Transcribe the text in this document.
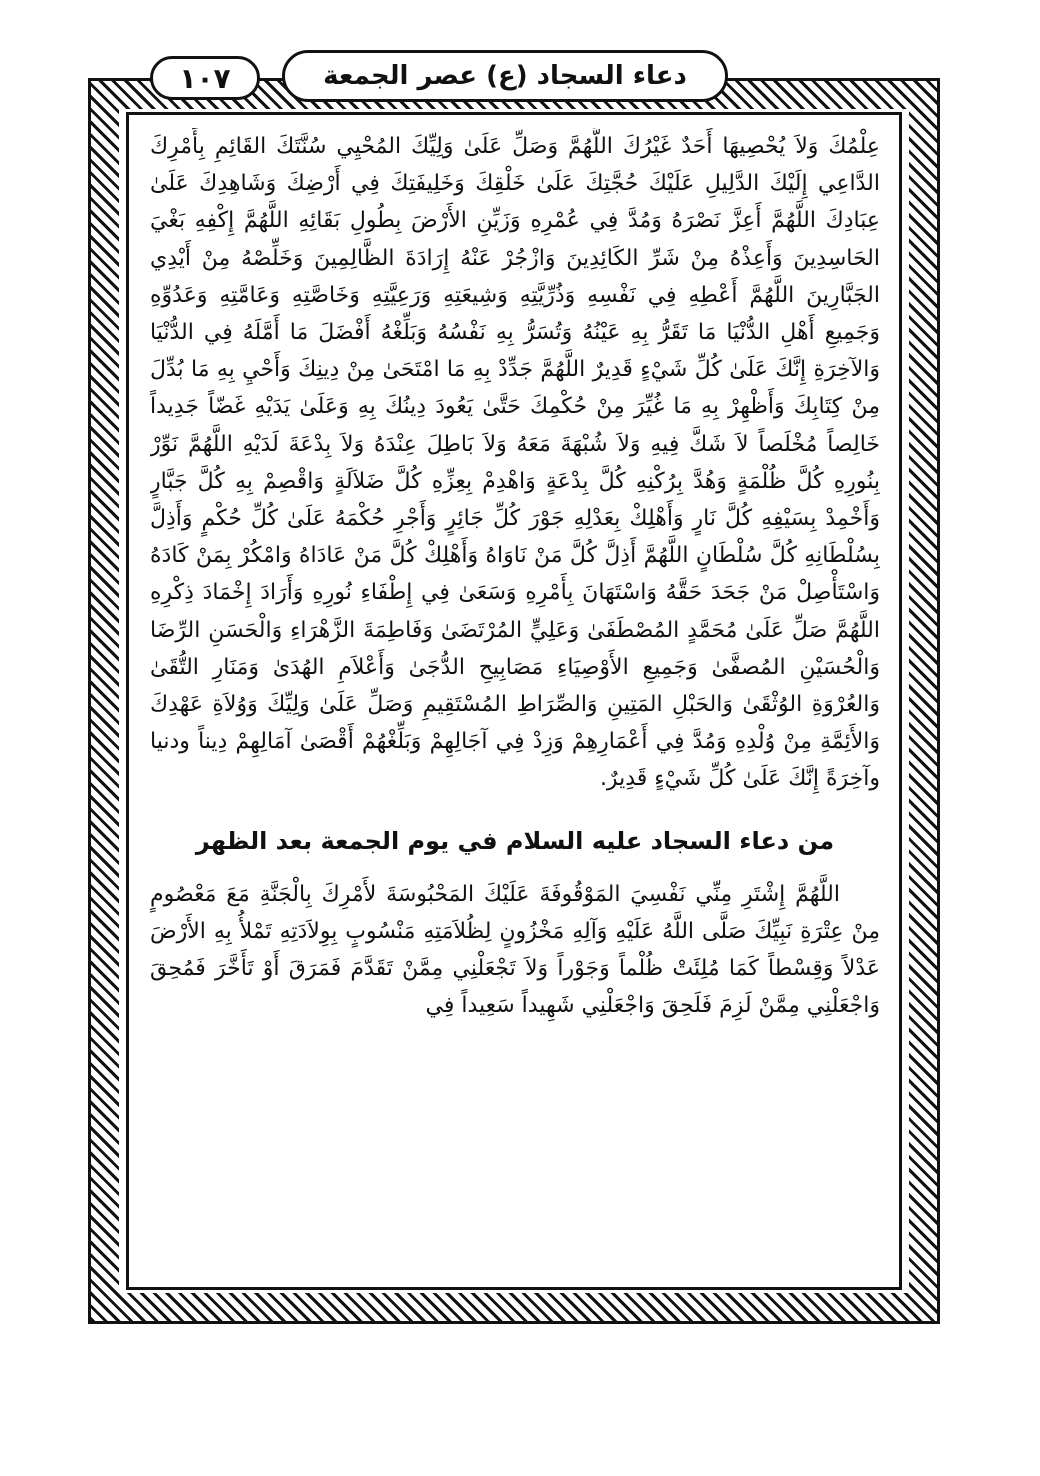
دعاء السجاد (ع) عصر الجمعة
١٠٧

عِلْمُكَ وَلاَ يُحْصِيهَا أَحَدٌ غَيْرُكَ اللَّهُمَّ وَصَلِّ عَلَىٰ وَلِيِّكَ المُحْيِي سُنَّتَكَ القَائِمِ بِأَمْرِكَ الدَّاعِي إِلَيْكَ الدَّلِيلِ عَلَيْكَ حُجَّتِكَ عَلَىٰ خَلْقِكَ وَخَلِيفَتِكَ فِي أَرْضِكَ وَشَاهِدِكَ عَلَىٰ عِبَادِكَ اللَّهُمَّ أَعِزَّ نَصْرَهُ وَمُدَّ فِي عُمْرِهِ وَزَيِّنِ الأَرْضَ بِطُولِ بَقَائِهِ اللَّهُمَّ إِكْفِهِ بَغْيَ الحَاسِدِينَ وَأَعِذْهُ مِنْ شَرِّ الكَائِدِينَ وَازْجُرْ عَنْهُ إِرَادَةَ الظَّالِمِينَ وَخَلِّصْهُ مِنْ أَيْدِي الجَبَّارِينَ اللَّهُمَّ أَعْطِهِ فِي نَفْسِهِ وَذُرِّيَّتِهِ وَشِيعَتِهِ وَرَعِيَّتِهِ وَخَاصَّتِهِ وَعَامَّتِهِ وَعَدُوِّهِ وَجَمِيعِ أَهْلِ الدُّنْيَا مَا تَقَرُّ بِهِ عَيْنُهُ وَتُسَرُّ بِهِ نَفْسُهُ وَبَلِّغْهُ أَفْضَلَ مَا أَمَّلَهُ فِي الدُّنْيَا وَالآخِرَةِ إِنَّكَ عَلَىٰ كُلِّ شَيْءٍ قَدِيرٌ اللَّهُمَّ جَدِّدْ بِهِ مَا امْتَحَىٰ مِنْ دِينِكَ وَأَحْيِ بِهِ مَا بُدِّلَ مِنْ كِتَابِكَ وَأَظْهِرْ بِهِ مَا غُيِّرَ مِنْ حُكْمِكَ حَتَّىٰ يَعُودَ دِينُكَ بِهِ وَعَلَىٰ يَدَيْهِ غَضّاً جَدِيداً خَالِصاً مُخْلَصاً لاَ شَكَّ فِيهِ وَلاَ شُبْهَةَ مَعَهُ وَلاَ بَاطِلَ عِنْدَهُ وَلاَ بِدْعَةَ لَدَيْهِ اللَّهُمَّ نَوِّرْ بِنُورِهِ كُلَّ ظُلْمَةٍ وَهُدَّ بِرُكْنِهِ كُلَّ بِدْعَةٍ وَاهْدِمْ بِعِزِّهِ كُلَّ ضَلاَلَةٍ وَاقْصِمْ بِهِ كُلَّ جَبَّارٍ وَأَخْمِدْ بِسَيْفِهِ كُلَّ نَارٍ وَأَهْلِكْ بِعَدْلِهِ جَوْرَ كُلِّ جَائِرٍ وَأَجْرِ حُكْمَهُ عَلَىٰ كُلِّ حُكْمٍ وَأَذِلَّ بِسُلْطَانِهِ كُلَّ سُلْطَانٍ اللَّهُمَّ أَذِلَّ كُلَّ مَنْ نَاوَاهُ وَأَهْلِكْ كُلَّ مَنْ عَادَاهُ وَامْكُرْ بِمَنْ كَادَهُ وَاسْتَأْصِلْ مَنْ جَحَدَ حَقَّهُ وَاسْتَهَانَ بِأَمْرِهِ وَسَعَىٰ فِي إِطْفَاءِ نُورِهِ وَأَرَادَ إِخْمَادَ ذِكْرِهِ اللَّهُمَّ صَلِّ عَلَىٰ مُحَمَّدٍ المُصْطَفَىٰ وَعَلِيٍّ المُرْتَضَىٰ وَفَاطِمَةَ الزَّهْرَاءِ وَالْحَسَنِ الرِّضَا وَالْحُسَيْنِ المُصفَّىٰ وَجَمِيعِ الأَوْصِيَاءِ مَصَابِيحِ الدُّجَىٰ وَأَعْلاَمِ الهُدَىٰ وَمَنَارِ التُّقَىٰ وَالعُرْوَةِ الوُثْقَىٰ وَالحَبْلِ المَتِينِ وَالصِّرَاطِ المُسْتَقِيمِ وَصَلِّ عَلَىٰ وَلِيِّكَ وَوُلاَةِ عَهْدِكَ وَالأَئِمَّةِ مِنْ وُلْدِهِ وَمُدَّ فِي أَعْمَارِهِمْ وَزِدْ فِي آجَالِهِمْ وَبَلِّغْهُمْ أَقْصَىٰ آمَالِهِمْ دِيناً ودنيا وآخِرَةً إِنَّكَ عَلَىٰ كُلِّ شَيْءٍ قَدِيرٌ.

من دعاء السجاد عليه السلام في يوم الجمعة بعد الظهر

اللَّهُمَّ إِشْتَرِ مِنِّي نَفْسِيَ المَوْقُوفَةَ عَلَيْكَ المَحْبُوسَةَ لأَمْرِكَ بِالْجَنَّةِ مَعَ مَعْصُومٍ مِنْ عِتْرَةِ نَبِيِّكَ صَلَّى اللَّهُ عَلَيْهِ وَآلِهِ مَخْزُونٍ لِظُلاَمَتِهِ مَنْسُوبٍ بِوِلاَدَتِهِ تَمْلأُ بِهِ الأَرْضَ عَدْلاً وَقِسْطاً كَمَا مُلِئَتْ ظُلْماً وَجَوْراً وَلاَ تَجْعَلْنِي مِمَّنْ تَقَدَّمَ فَمَرَقَ أَوْ تَأَخَّرَ فَمُحِقَ وَاجْعَلْنِي مِمَّنْ لَزِمَ فَلَحِقَ وَاجْعَلْنِي شَهِيداً سَعِيداً فِي
